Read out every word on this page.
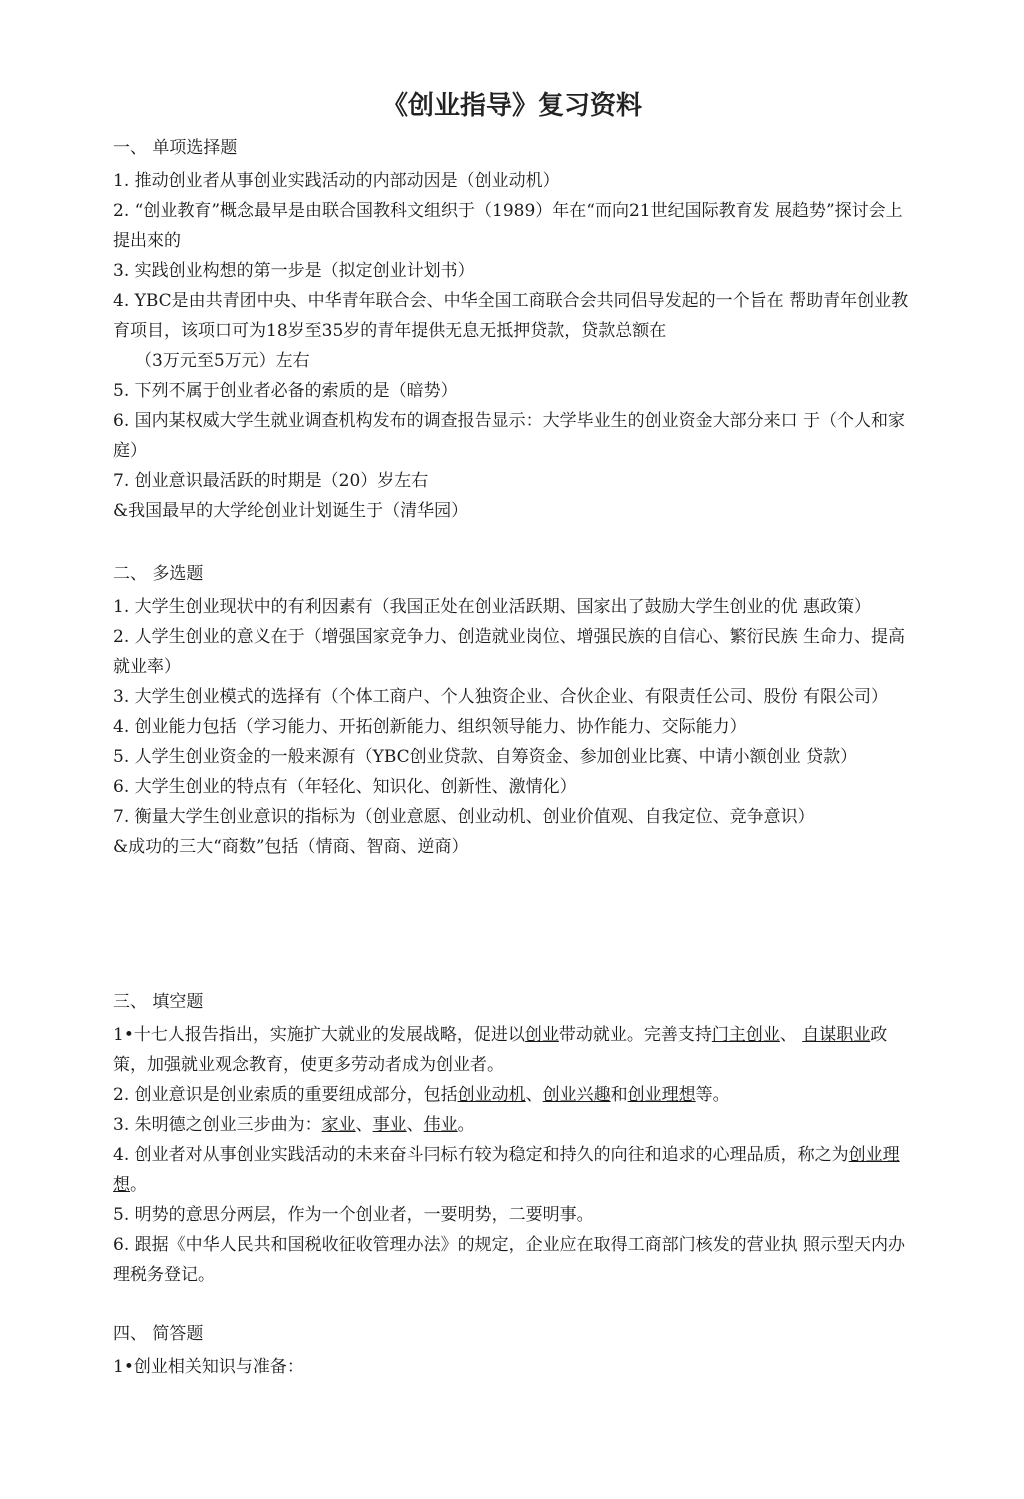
《创业指导》复习资料
一、 单项选择题

1. 推动创业者从事创业实践活动的内部动因是（创业动机）

2. “创业教育”概念最早是由联合国教科文组织于（1989）年在“而向21世纪国际教育发 展趋势”探讨会上提出來的

3. 实践创业构想的第一步是（拟定创业计划书）

4. YBC是由共青团中央、中华青年联合会、中华全国工商联合会共同侣导发起的一个旨在 帮助青年创业教育项目，该项口可为18岁至35岁的青年提供无息无抵押贷款，贷款总额在

（3万元至5万元）左右

5. 下列不属于创业者必备的索质的是（暗势）

6. 国内某权威大学生就业调查机构发布的调查报告显示：大学毕业生的创业资金大部分来口 于（个人和家庭）

7. 创业意识最活跃的时期是（20）岁左右

&我国最早的大学纶创业计划诞生于（清华园）

二、 多选题

1. 大学生创业现状中的有利因素有（我国正处在创业活跃期、国家出了鼓励大学生创业的优 惠政策）

2. 人学生创业的意义在于（增强国家竞争力、创造就业岗位、增强民族的自信心、繁衍民族 生命力、提高就业率）

3. 大学生创业模式的选择有（个体工商户、个人独资企业、合伙企业、有限责任公司、股份 有限公司）

4. 创业能力包括（学习能力、开拓创新能力、组织领导能力、协作能力、交际能力）

5. 人学生创业资金的一般来源有（YBC创业贷款、自筹资金、参加创业比赛、中请小额创业 贷款）

6. 大学生创业的特点有（年轻化、知识化、创新性、激情化）

7. 衡量大学生创业意识的指标为（创业意愿、创业动机、创业价值观、自我定位、竞争意识）

&成功的三大“商数”包括（情商、智商、逆商）

三、 填空题

1•十七人报告指出，实施扩大就业的发展战略，促进以创业带动就业。完善支持门主创业、 自谋职业政策，加强就业观念教育，使更多劳动者成为创业者。

2. 创业意识是创业索质的重要纽成部分，包括创业动机、创业兴趣和创业理想等。

3. 朱明德之创业三步曲为：家业、事业、伟业。

4. 创业者对从事创业实践活动的未来奋斗冃标冇较为稳定和持久的向往和追求的心理品质，称之为创业理想。

5. 明势的意思分两层，作为一个创业者，一要明势，二要明事。

6. 跟据《中华人民共和国税收征收管理办法》的规定，企业应在取得工商部门核发的营业执 照示型天内办理税务登记。

四、 简答题

1•创业相关知识与准备：
